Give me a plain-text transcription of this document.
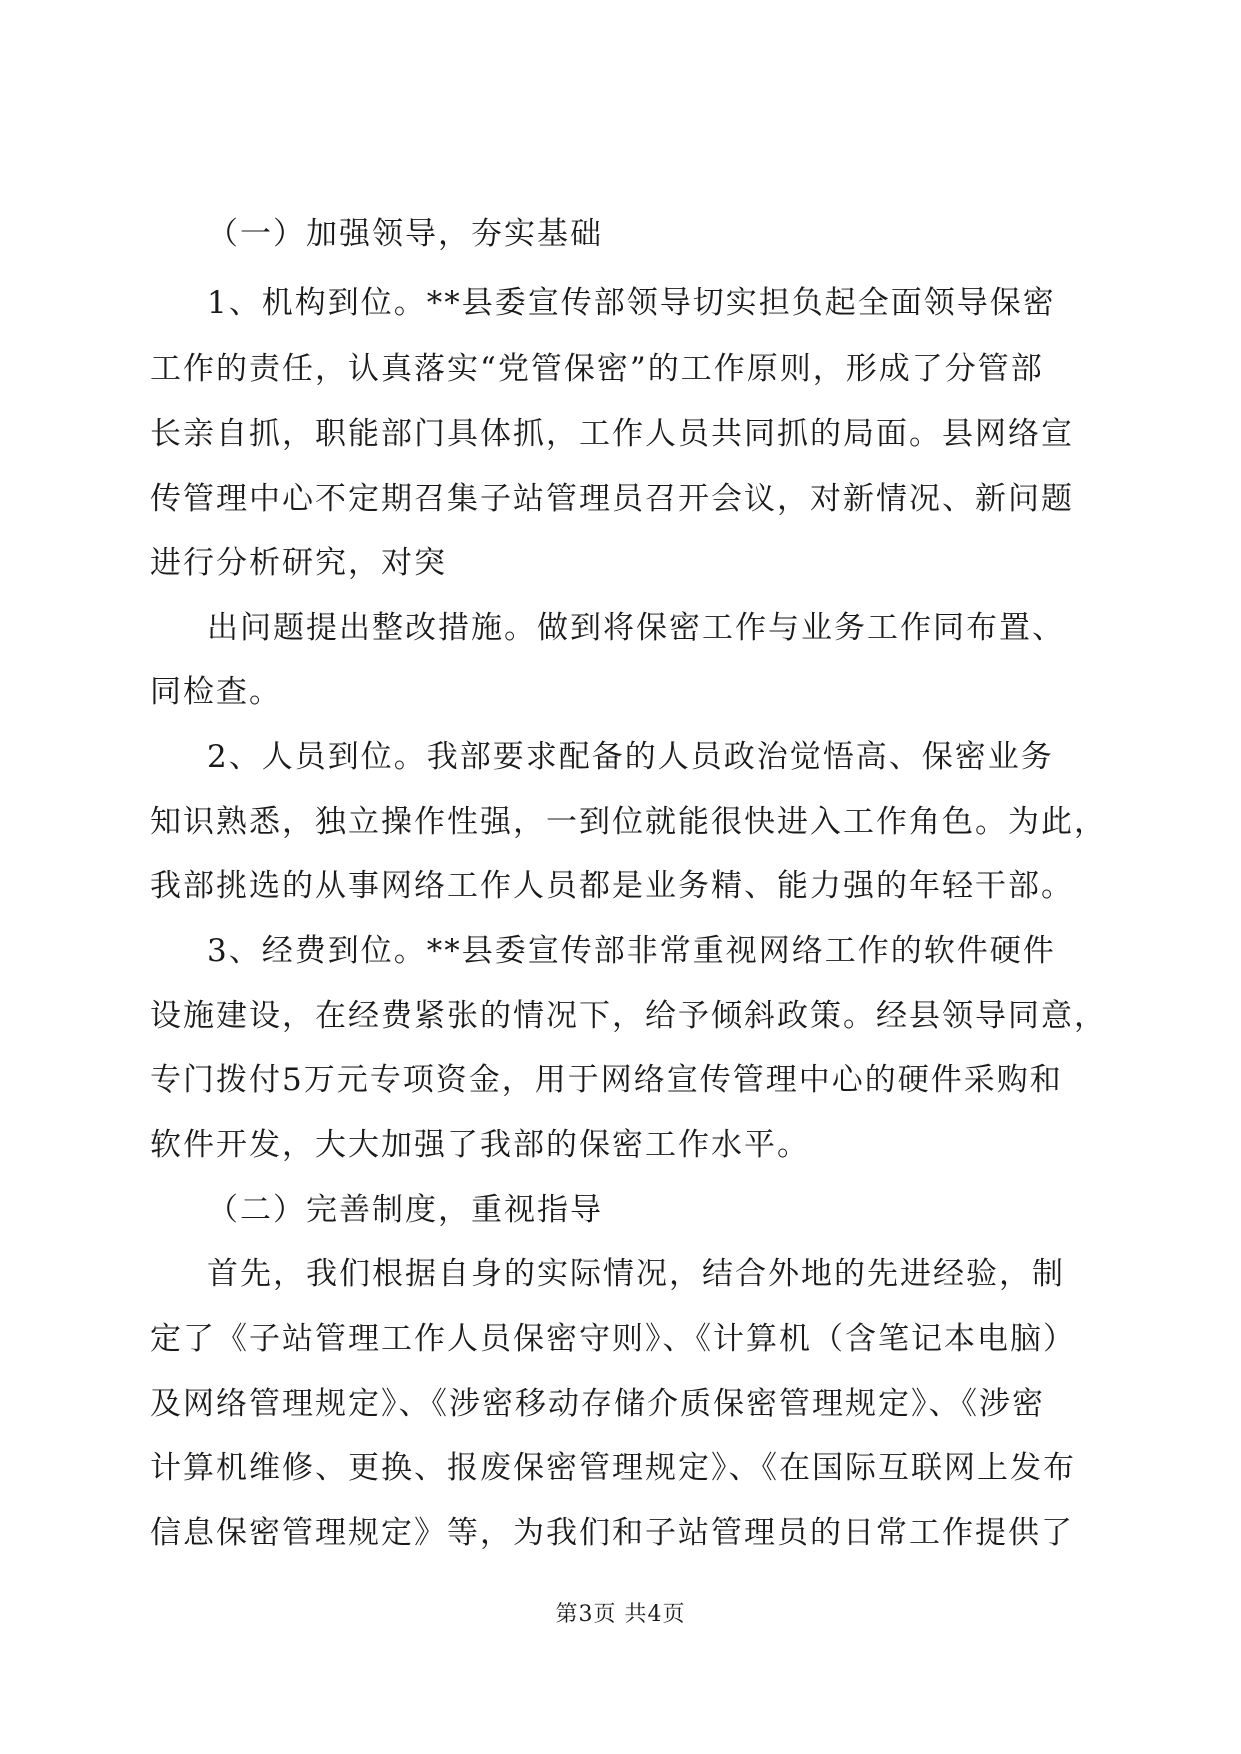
（一）加强领导，夯实基础
1、机构到位。**县委宣传部领导切实担负起全面领导保密
工作的责任，认真落实“党管保密”的工作原则，形成了分管部
长亲自抓，职能部门具体抓，工作人员共同抓的局面。县网络宣
传管理中心不定期召集子站管理员召开会议，对新情况、新问题
进行分析研究，对突
出问题提出整改措施。做到将保密工作与业务工作同布置、
同检查。
2、人员到位。我部要求配备的人员政治觉悟高、保密业务
知识熟悉，独立操作性强，一到位就能很快进入工作角色。为此，
我部挑选的从事网络工作人员都是业务精、能力强的年轻干部。
3、经费到位。**县委宣传部非常重视网络工作的软件硬件
设施建设，在经费紧张的情况下，给予倾斜政策。经县领导同意，
专门拨付5万元专项资金，用于网络宣传管理中心的硬件采购和
软件开发，大大加强了我部的保密工作水平。
（二）完善制度，重视指导
首先，我们根据自身的实际情况，结合外地的先进经验，制
定了《子站管理工作人员保密守则》、《计算机（含笔记本电脑）
及网络管理规定》、《涉密移动存储介质保密管理规定》、《涉密
计算机维修、更换、报废保密管理规定》、《在国际互联网上发布
信息保密管理规定》等，为我们和子站管理员的日常工作提供了
第3页 共4页
